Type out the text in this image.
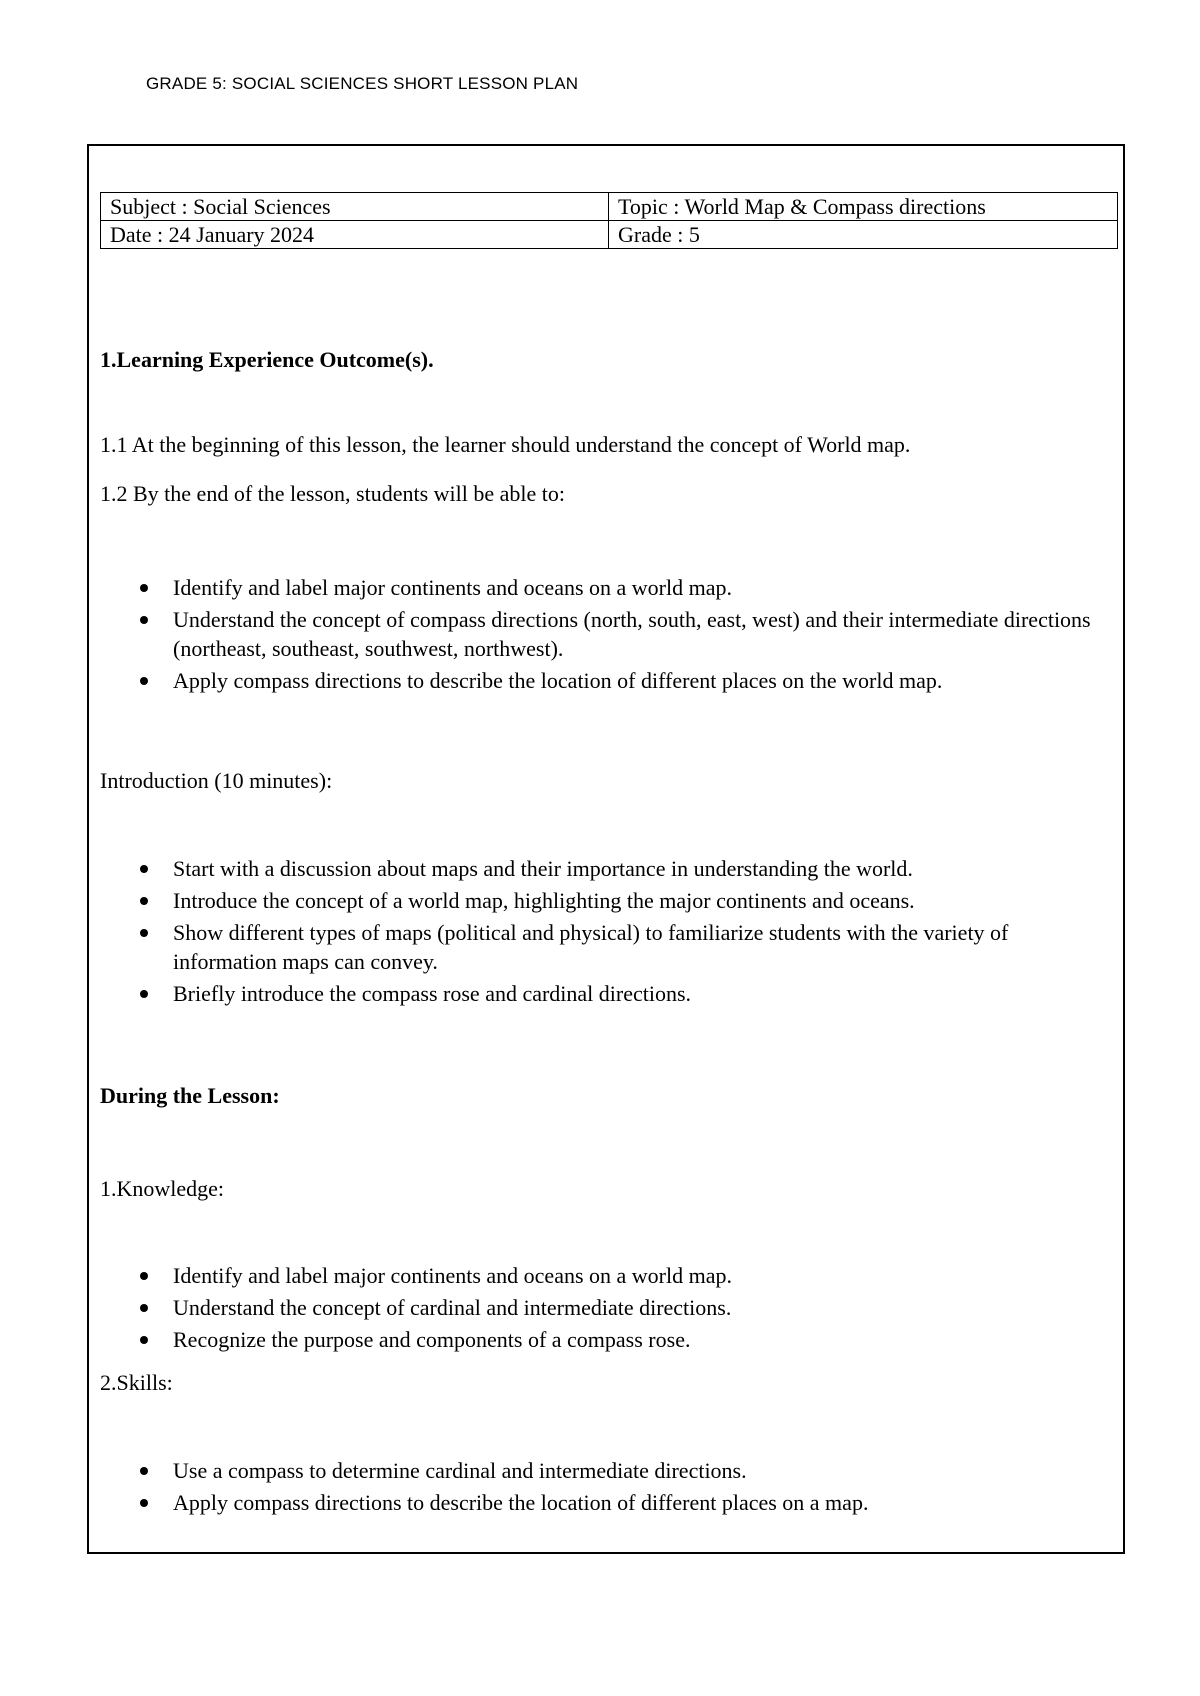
GRADE 5: SOCIAL SCIENCES SHORT LESSON PLAN
Subject : Social Sciences	Topic : World Map & Compass directions
Date : 24 January 2024	Grade : 5
1.Learning Experience Outcome(s).
1.1 At the beginning of this lesson, the learner should understand the concept of World map.
1.2 By the end of the lesson, students will be able to:
Identify and label major continents and oceans on a world map.
Understand the concept of compass directions (north, south, east, west) and their intermediate directions (northeast, southeast, southwest, northwest).
Apply compass directions to describe the location of different places on the world map.
Introduction (10 minutes):
Start with a discussion about maps and their importance in understanding the world.
Introduce the concept of a world map, highlighting the major continents and oceans.
Show different types of maps (political and physical) to familiarize students with the variety of information maps can convey.
Briefly introduce the compass rose and cardinal directions.
During the Lesson:
1.Knowledge:
Identify and label major continents and oceans on a world map.
Understand the concept of cardinal and intermediate directions.
Recognize the purpose and components of a compass rose.
2.Skills:
Use a compass to determine cardinal and intermediate directions.
Apply compass directions to describe the location of different places on a map.
